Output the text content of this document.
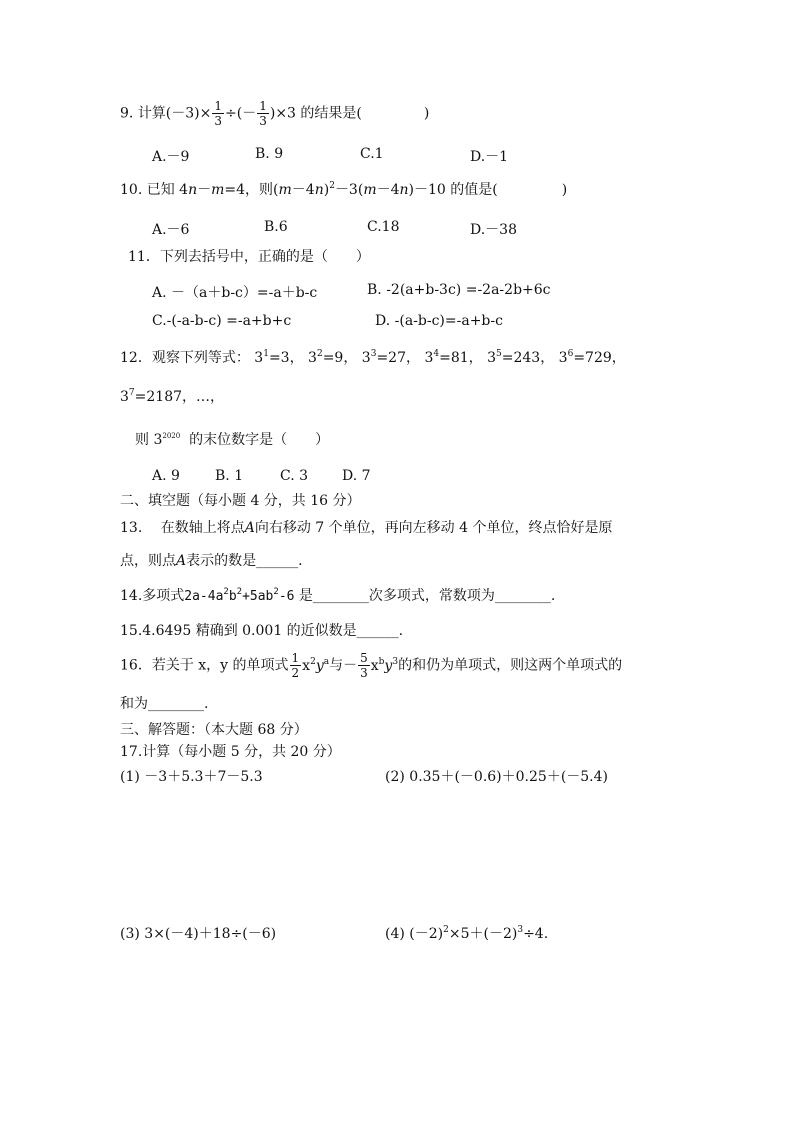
9. 计算$(-3)\times \frac{1}{3}$ ÷(－ $\frac{1}{3} )\times 3$ 的结果是(	)
A.－9	B. 9	C.1	D.－1
10. 已知 4n－m=4，则$(m-4n)^2-3(m-4n)-10$ 的值是(	)
A.－6	B.6	C.18	D.－38
11．下列去括号中，正确的是（　　）
A. －（a＋b-c）=-a＋b-c	B. -2(a+b-3c) =-2a-2b+6c
C.-(-a-b-c) =-a+b+c	D. -(a-b-c)=-a+b-c
12．观察下列等式： $3^1=3$， $3^2=9$， $3^3=27$， $3^4=81$， $3^5=243$， $3^6=729$，
$3^7=2187$，…，
则 $3^{2020}$ 的末位数字是（　　）
A. 9	B. 1	C. 3 D. 7
二、填空题（每小题 4 分，共 16 分）
13.　 在数轴上将点A向右移动 7 个单位，再向左移动 4 个单位，终点恰好是原
点，则点A表示的数是______.
14.多项式$2a-4a^2b^2+5ab^2-6$ 是________次多项式，常数项为________.
15.4.6495 精确到 0.001 的近似数是______.
16．若关于 x，y 的单项式 $\frac{1}{2} x^2y^a$与－ $\frac{5}{3} x^by^3$的和仍为单项式，则这两个单项式的
和为________.
三、解答题：（本大题 68 分）
17.计算（每小题 5 分，共 20 分）
(1) －3＋5.3＋7－5.3	(2) 0.35＋(－0.6)＋0.25＋(－5.4)
(3) 3×(－4)＋18÷(－6)	(4) $(-2)^2\times 5+(-2)^3\div 4$.
